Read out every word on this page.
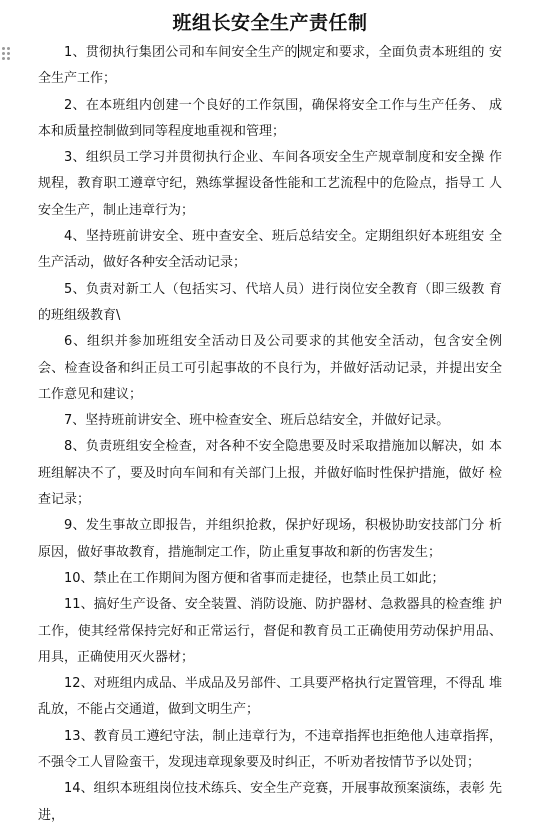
班组长安全生产责任制

1、贯彻执行集团公司和车间安全生产的规定和要求，全面负责本班组的 安全生产工作；

2、在本班组内创建一个良好的工作氛围，确保将安全工作与生产任务、 成本和质量控制做到同等程度地重视和管理；

3、组织员工学习并贯彻执行企业、车间各项安全生产规章制度和安全操 作规程，教育职工遵章守纪，熟练掌握设备性能和工艺流程中的危险点，指导工 人安全生产，制止违章行为；

4、坚持班前讲安全、班中查安全、班后总结安全。定期组织好本班组安 全生产活动，做好各种安全活动记录；

5、负责对新工人（包括实习、代培人员）进行岗位安全教育（即三级教 育的班组级教育\

6、组织并参加班组安全活动日及公司要求的其他安全活动，包含安全例 会、检查设备和纠正员工可引起事故的不良行为，并做好活动记录，并提出安全 工作意见和建议；

7、坚持班前讲安全、班中检查安全、班后总结安全，并做好记录。

8、负责班组安全检查，对各种不安全隐患要及时采取措施加以解决，如 本班组解决不了，要及时向车间和有关部门上报，并做好临时性保护措施，做好 检查记录；

9、发生事故立即报告，并组织抢救，保护好现场，积极协助安技部门分 析原因，做好事故教育，措施制定工作，防止重复事故和新的伤害发生；

10、禁止在工作期间为图方便和省事而走捷径，也禁止员工如此；

11、搞好生产设备、安全装置、消防设施、防护器材、急救器具的检查维 护工作，使其经常保持完好和正常运行，督促和教育员工正确使用劳动保护用品、用具，正确使用灭火器材；

12、对班组内成品、半成品及另部件、工具要严格执行定置管理，不得乱 堆乱放，不能占交通道，做到文明生产；

13、教育员工遵纪守法，制止违章行为，不违章指挥也拒绝他人违章指挥，不强令工人冒险蛮干，发现违章现象要及时纠正，不听劝者按情节予以处罚；

14、组织本班组岗位技术练兵、安全生产竞赛，开展事故预案演练，表彰 先进，
